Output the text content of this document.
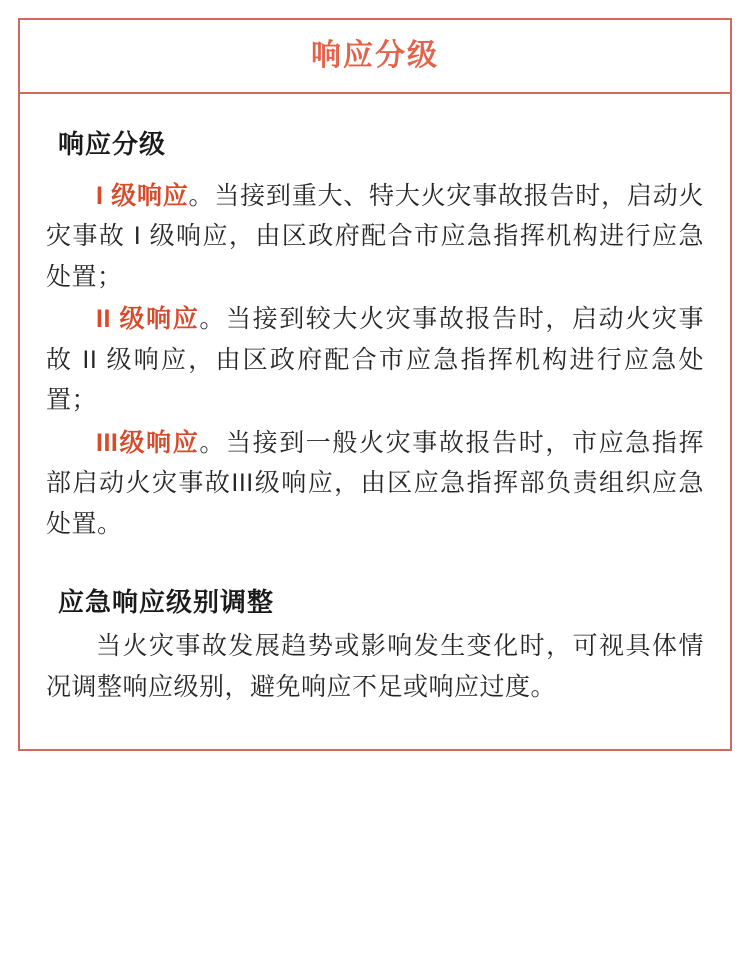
响应分级
响应分级

I 级响应。当接到重大、特大火灾事故报告时，启动火灾事故 I 级响应，由区政府配合市应急指挥机构进行应急处置；

II 级响应。当接到较大火灾事故报告时，启动火灾事故 II 级响应，由区政府配合市应急指挥机构进行应急处置；

III级响应。当接到一般火灾事故报告时，市应急指挥部启动火灾事故III级响应，由区应急指挥部负责组织应急处置。

应急响应级别调整

当火灾事故发展趋势或影响发生变化时，可视具体情况调整响应级别，避免响应不足或响应过度。
